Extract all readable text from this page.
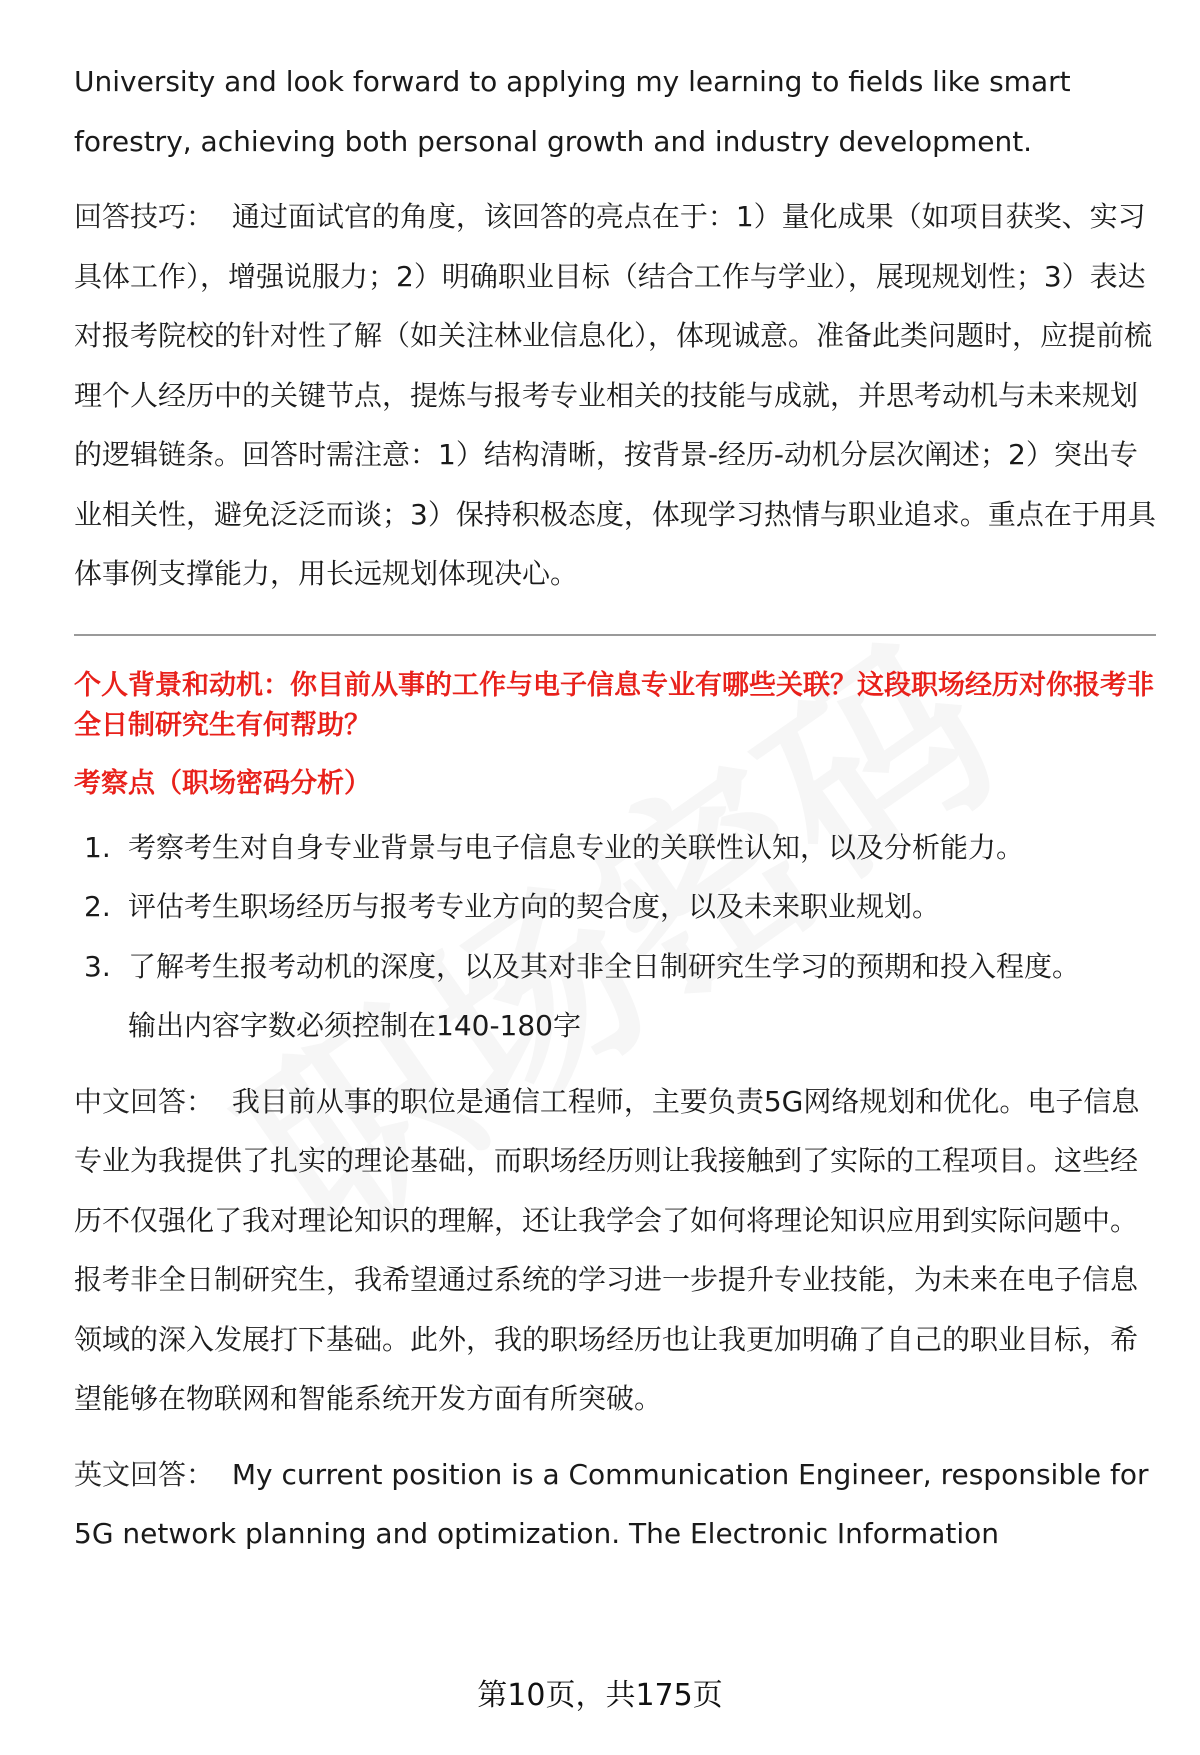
University and look forward to applying my learning to fields like smart forestry, achieving both personal growth and industry development.

回答技巧： 通过面试官的角度，该回答的亮点在于：1）量化成果（如项目获奖、实习具体工作），增强说服力；2）明确职业目标（结合工作与学业），展现规划性；3）表达对报考院校的针对性了解（如关注林业信息化），体现诚意。准备此类问题时，应提前梳理个人经历中的关键节点，提炼与报考专业相关的技能与成就，并思考动机与未来规划的逻辑链条。回答时需注意：1）结构清晰，按背景-经历-动机分层次阐述；2）突出专业相关性，避免泛泛而谈；3）保持积极态度，体现学习热情与职业追求。重点在于用具体事例支撑能力，用长远规划体现决心。

个人背景和动机：你目前从事的工作与电子信息专业有哪些关联？这段职场经历对你报考非全日制研究生有何帮助？

考察点（职场密码分析）

1. 考察考生对自身专业背景与电子信息专业的关联性认知，以及分析能力。
2. 评估考生职场经历与报考专业方向的契合度，以及未来职业规划。
3. 了解考生报考动机的深度，以及其对非全日制研究生学习的预期和投入程度。
输出内容字数必须控制在140-180字

中文回答： 我目前从事的职位是通信工程师，主要负责5G网络规划和优化。电子信息专业为我提供了扎实的理论基础，而职场经历则让我接触到了实际的工程项目。这些经历不仅强化了我对理论知识的理解，还让我学会了如何将理论知识应用到实际问题中。报考非全日制研究生，我希望通过系统的学习进一步提升专业技能，为未来在电子信息领域的深入发展打下基础。此外，我的职场经历也让我更加明确了自己的职业目标，希望能够在物联网和智能系统开发方面有所突破。

英文回答： My current position is a Communication Engineer, responsible for 5G network planning and optimization. The Electronic Information

第10页，共175页
